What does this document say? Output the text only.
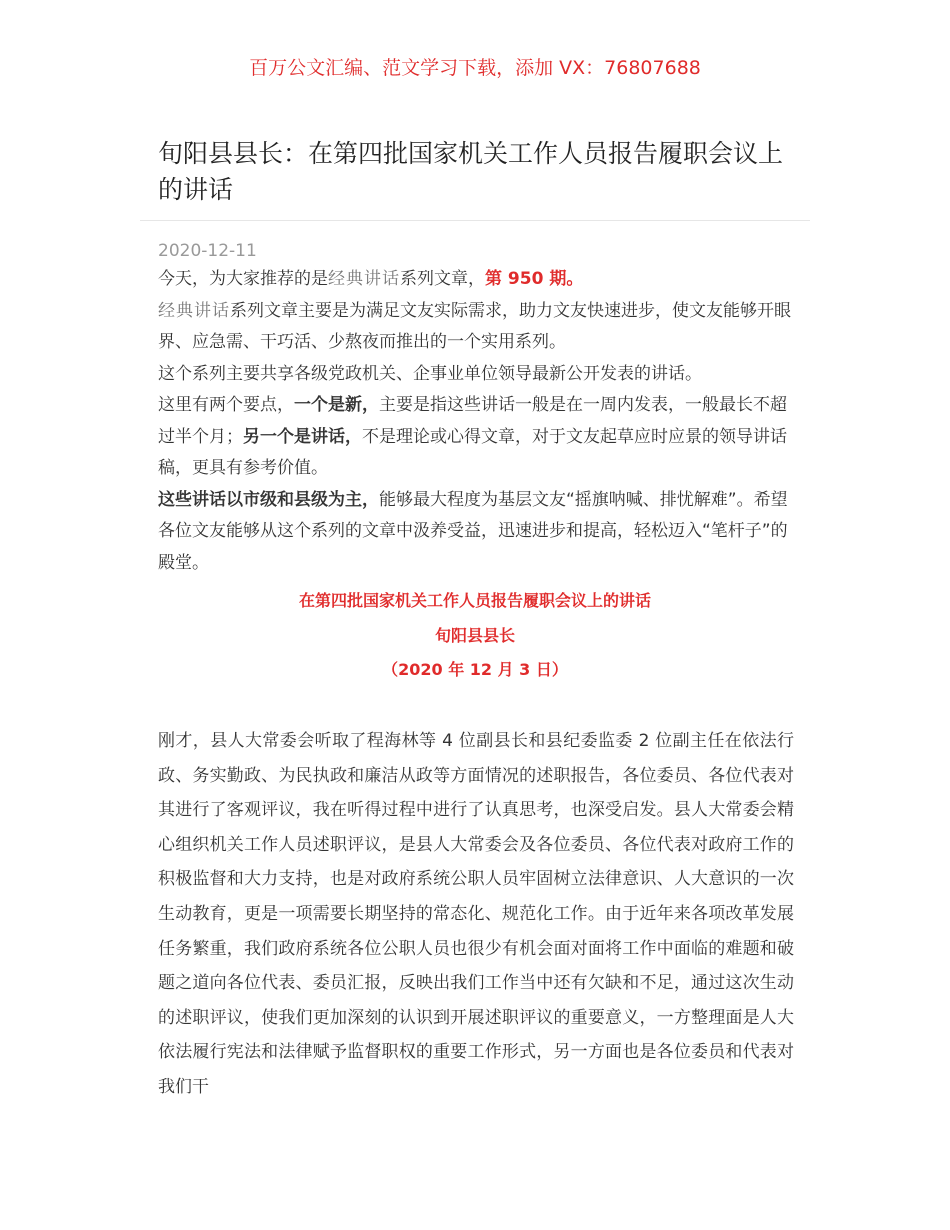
百万公文汇编、范文学习下载，添加 VX：76807688
旬阳县县长：在第四批国家机关工作人员报告履职会议上的讲话
2020-12-11

今天，为大家推荐的是经典讲话系列文章，第 950 期。

经典讲话系列文章主要是为满足文友实际需求，助力文友快速进步，使文友能够开眼界、应急需、干巧活、少熬夜而推出的一个实用系列。

这个系列主要共享各级党政机关、企事业单位领导最新公开发表的讲话。

这里有两个要点，一个是新，主要是指这些讲话一般是在一周内发表，一般最长不超过半个月；另一个是讲话，不是理论或心得文章，对于文友起草应时应景的领导讲话稿，更具有参考价值。

这些讲话以市级和县级为主，能够最大程度为基层文友“摇旗呐喊、排忧解难”。希望各位文友能够从这个系列的文章中汲养受益，迅速进步和提高，轻松迈入“笔杆子”的殿堂。

在第四批国家机关工作人员报告履职会议上的讲话
旬阳县县长
（2020 年 12 月 3 日）

刚才，县人大常委会听取了程海林等 4 位副县长和县纪委监委 2 位副主任在依法行政、务实勤政、为民执政和廉洁从政等方面情况的述职报告，各位委员、各位代表对其进行了客观评议，我在听得过程中进行了认真思考，也深受启发。县人大常委会精心组织机关工作人员述职评议，是县人大常委会及各位委员、各位代表对政府工作的积极监督和大力支持，也是对政府系统公职人员牢固树立法律意识、人大意识的一次生动教育，更是一项需要长期坚持的常态化、规范化工作。由于近年来各项改革发展任务繁重，我们政府系统各位公职人员也很少有机会面对面将工作中面临的难题和破题之道向各位代表、委员汇报，反映出我们工作当中还有欠缺和不足，通过这次生动的述职评议，使我们更加深刻的认识到开展述职评议的重要意义，一方整理面是人大依法履行宪法和法律赋予监督职权的重要工作形式，另一方面也是各位委员和代表对我们干
